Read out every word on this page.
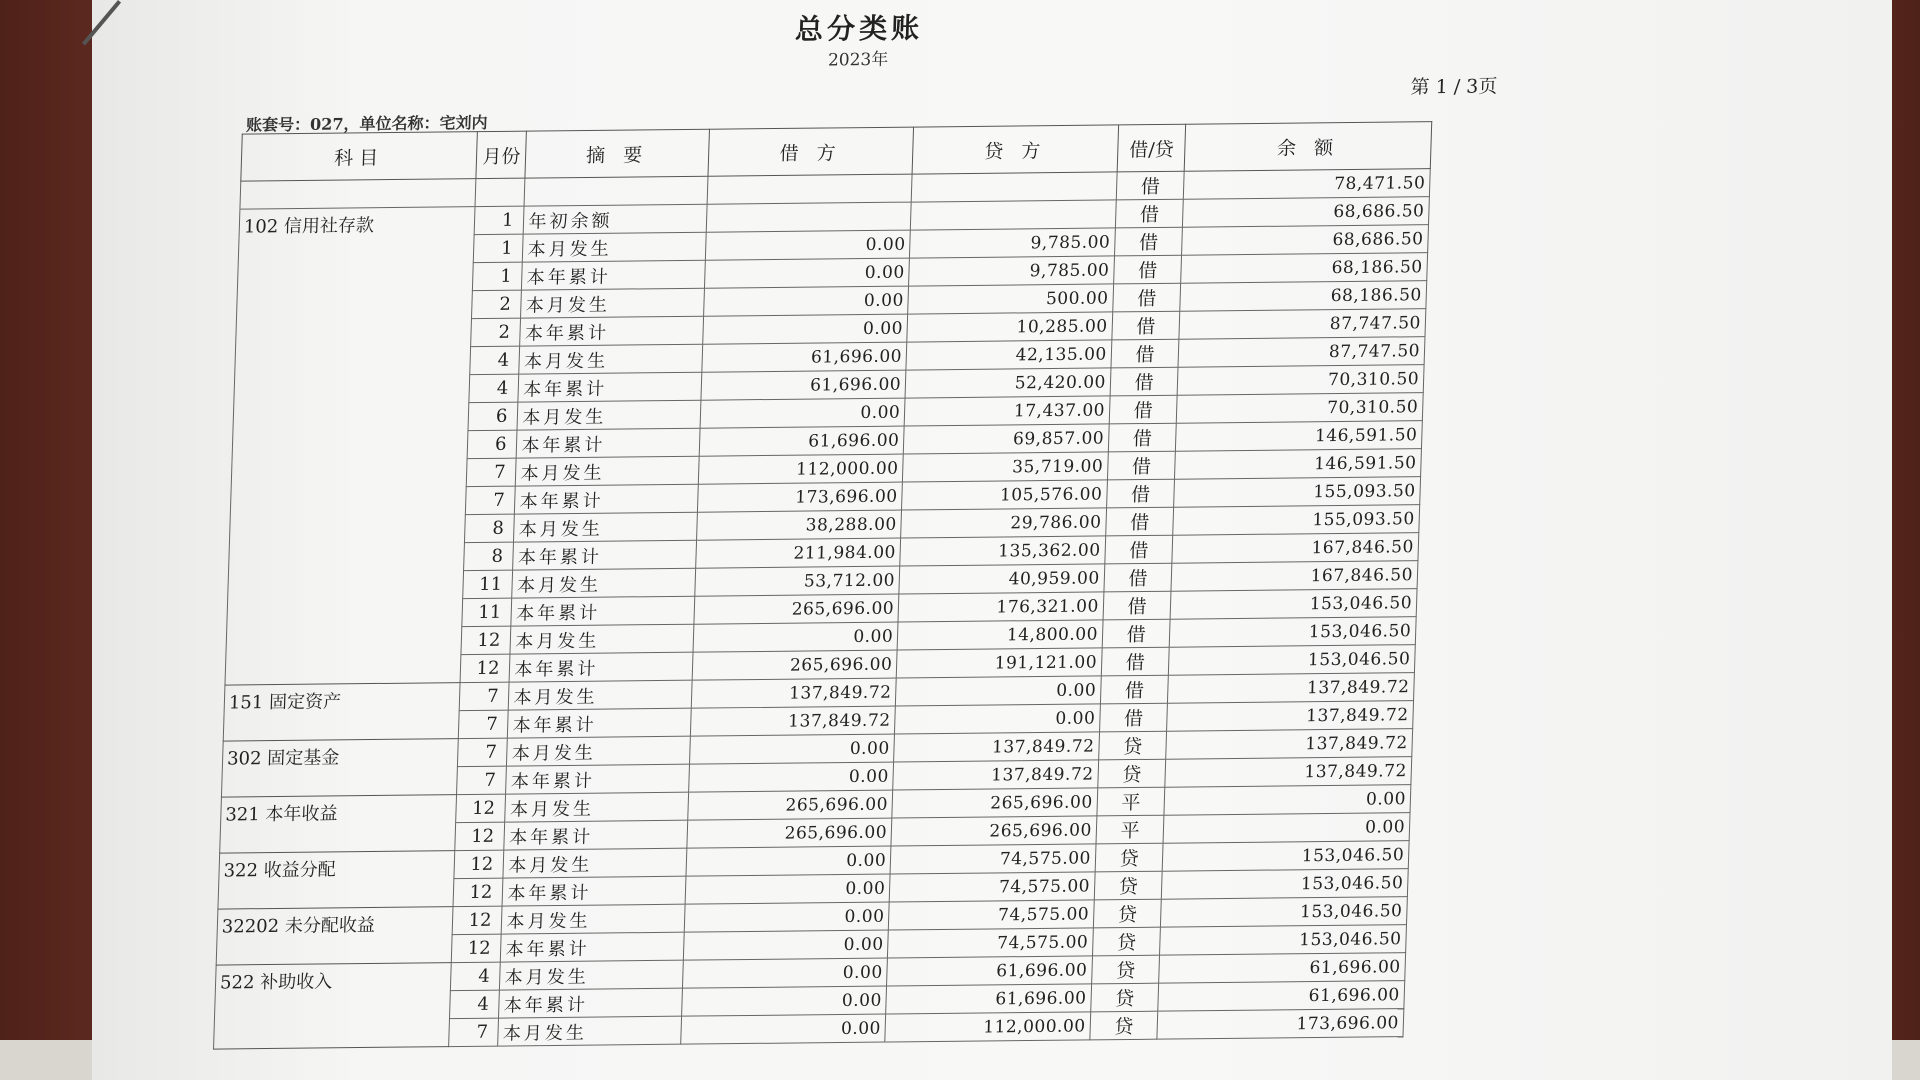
总分类账
2023年
第 1 / 3页
账套号：027，单位名称：宅刘内
科目	月份	摘 要	借 方	贷 方	借/贷	余 额
					借	78,471.50
102 信用社存款	1	年初余额			借	68,686.50
	1	本月发生	0.00	9,785.00	借	68,686.50
	1	本年累计	0.00	9,785.00	借	68,186.50
	2	本月发生	0.00	500.00	借	68,186.50
	2	本年累计	0.00	10,285.00	借	87,747.50
	4	本月发生	61,696.00	42,135.00	借	87,747.50
	4	本年累计	61,696.00	52,420.00	借	70,310.50
	6	本月发生	0.00	17,437.00	借	70,310.50
	6	本年累计	61,696.00	69,857.00	借	146,591.50
	7	本月发生	112,000.00	35,719.00	借	146,591.50
	7	本年累计	173,696.00	105,576.00	借	155,093.50
	8	本月发生	38,288.00	29,786.00	借	155,093.50
	8	本年累计	211,984.00	135,362.00	借	167,846.50
	11	本月发生	53,712.00	40,959.00	借	167,846.50
	11	本年累计	265,696.00	176,321.00	借	153,046.50
	12	本月发生	0.00	14,800.00	借	153,046.50
	12	本年累计	265,696.00	191,121.00	借	153,046.50
151 固定资产	7	本月发生	137,849.72	0.00	借	137,849.72
	7	本年累计	137,849.72	0.00	借	137,849.72
302 固定基金	7	本月发生	0.00	137,849.72	贷	137,849.72
	7	本年累计	0.00	137,849.72	贷	137,849.72
321 本年收益	12	本月发生	265,696.00	265,696.00	平	0.00
	12	本年累计	265,696.00	265,696.00	平	0.00
322 收益分配	12	本月发生	0.00	74,575.00	贷	153,046.50
	12	本年累计	0.00	74,575.00	贷	153,046.50
32202 未分配收益	12	本月发生	0.00	74,575.00	贷	153,046.50
	12	本年累计	0.00	74,575.00	贷	153,046.50
522 补助收入	4	本月发生	0.00	61,696.00	贷	61,696.00
	4	本年累计	0.00	61,696.00	贷	61,696.00
	7	本月发生	0.00	112,000.00	贷	173,696.00
